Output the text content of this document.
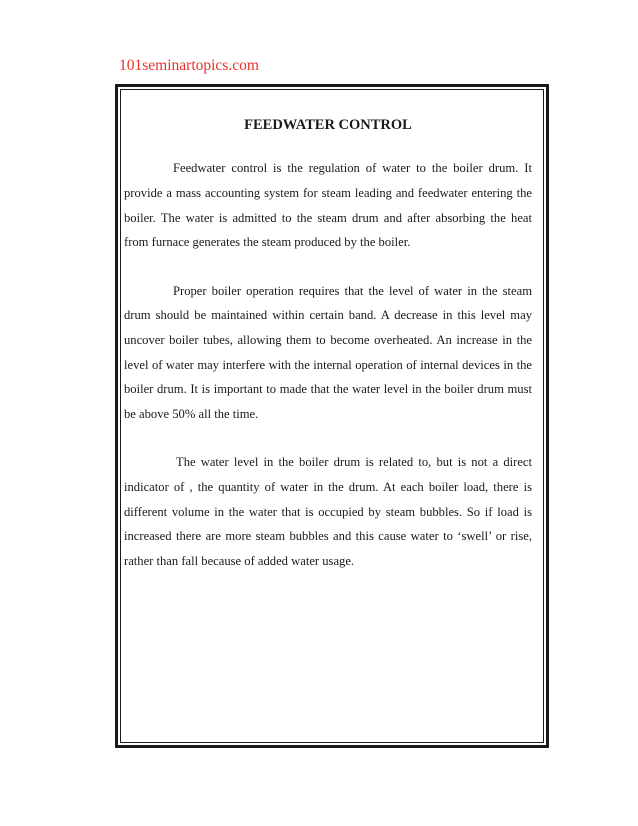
101seminartopics.com
FEEDWATER CONTROL

Feedwater control is the regulation of water to the boiler drum. It provide a mass accounting system for steam leading and feedwater entering the boiler. The water is admitted to the steam drum and after absorbing the heat from furnace generates the steam produced by the boiler.

Proper boiler operation requires that the level of water in the steam drum should be maintained within certain band. A decrease in this level may uncover boiler tubes, allowing them to become overheated. An increase in the level of water may interfere with the internal operation of internal devices in the boiler drum. It is important to made that the water level in the boiler drum must be above 50% all the time.

The water level in the boiler drum is related to, but is not a direct indicator of , the quantity of water in the drum. At each boiler load, there is different volume in the water that is occupied by steam bubbles. So if load is increased there are more steam bubbles and this cause water to ‘swell’ or rise, rather than fall because of added water usage.
